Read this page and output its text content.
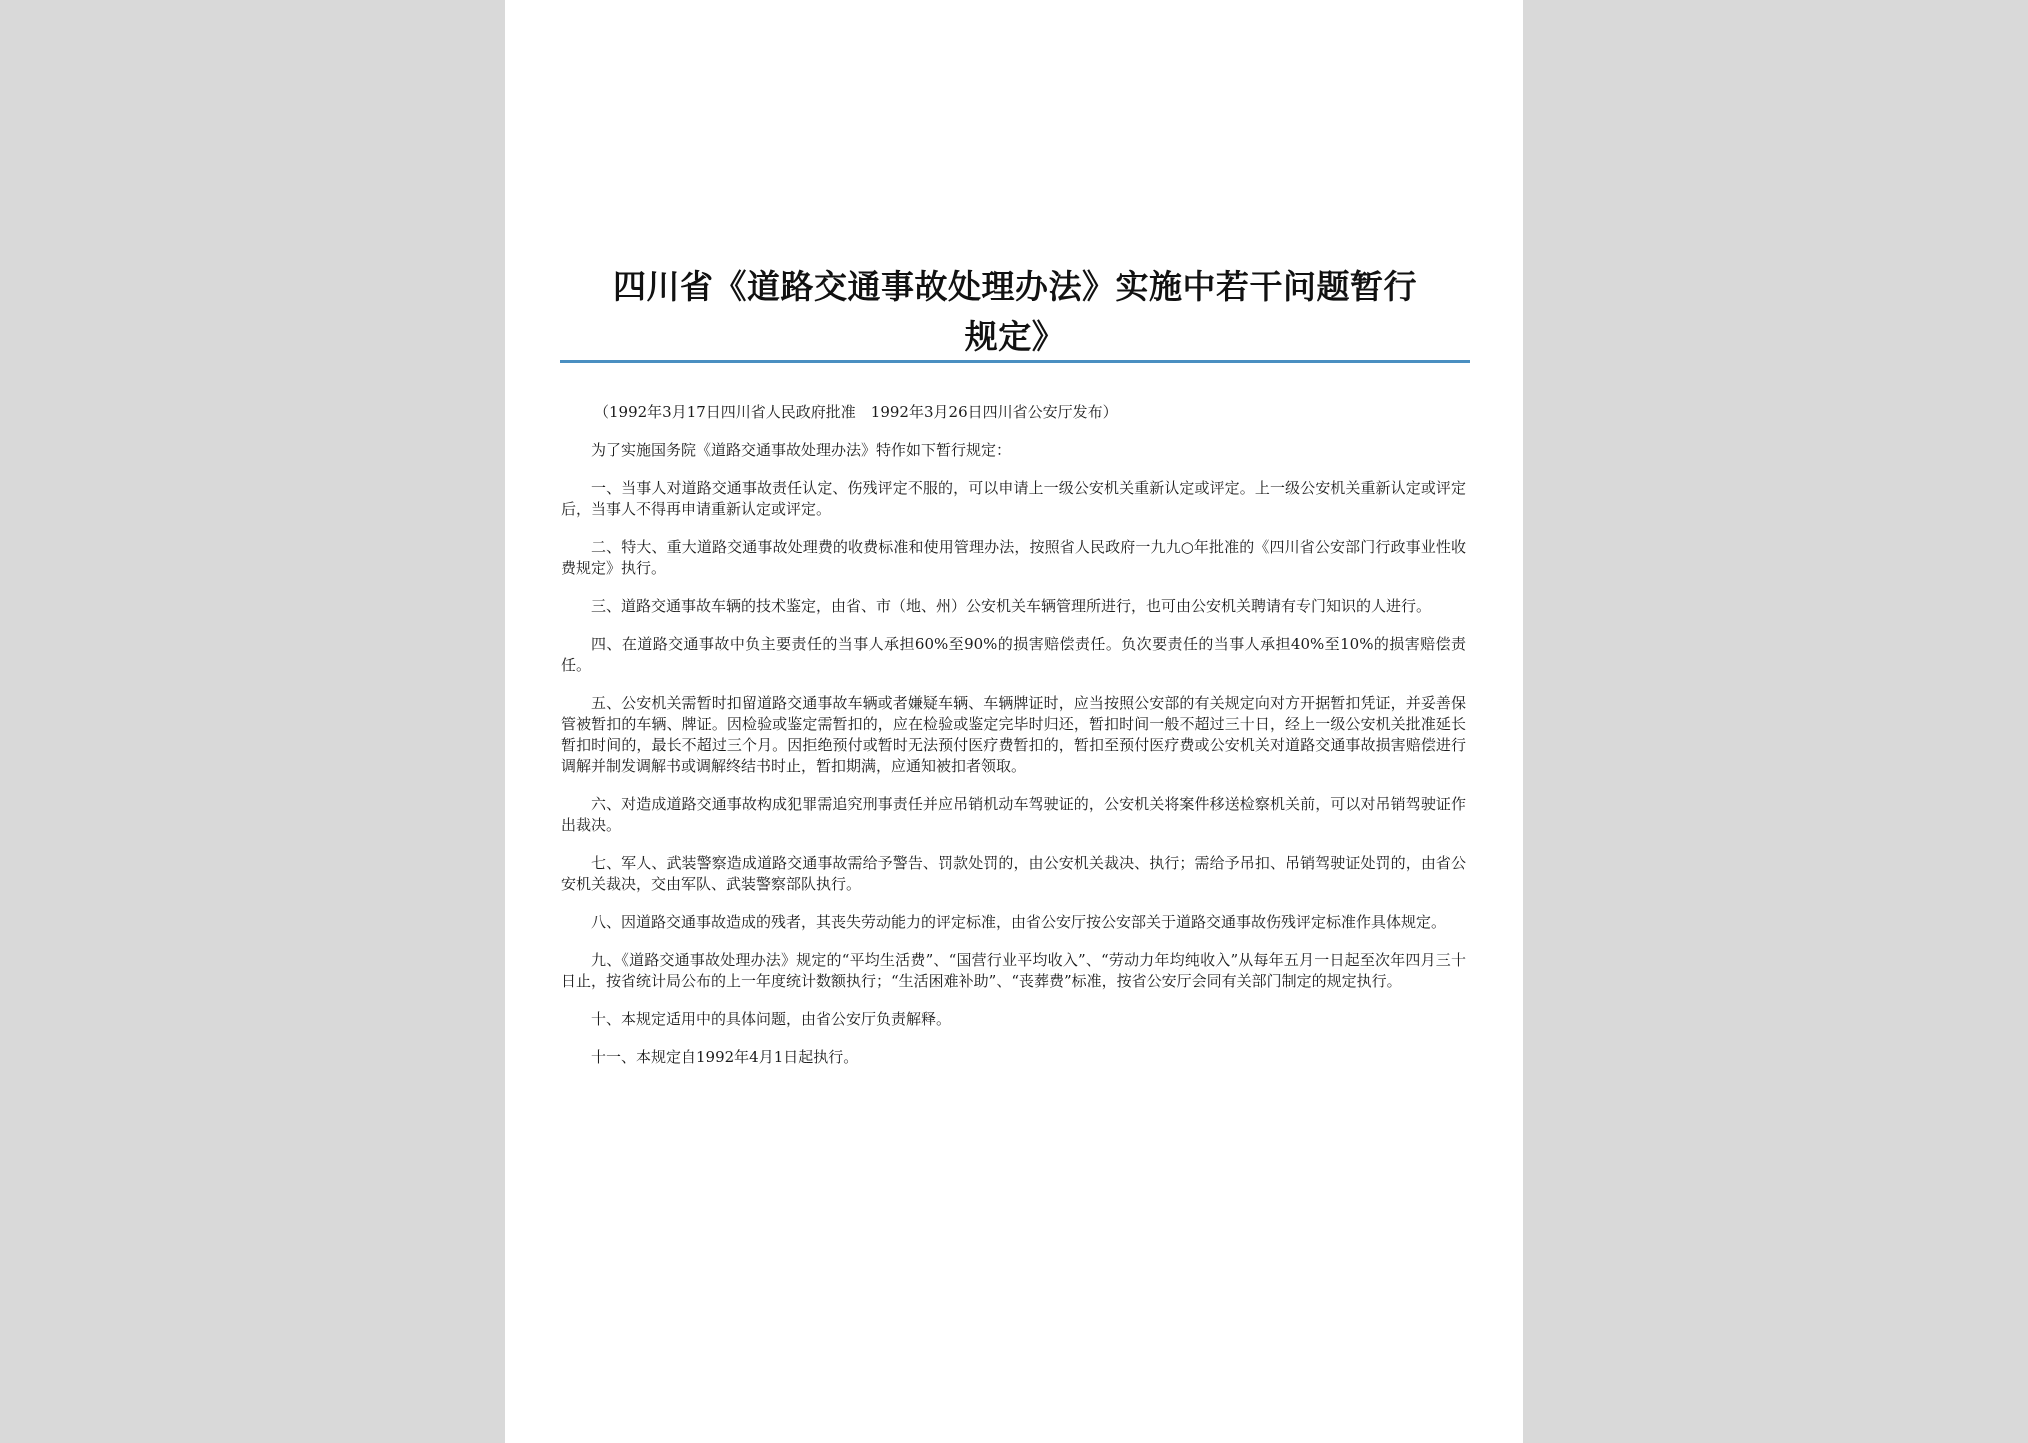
四川省《道路交通事故处理办法》实施中若干问题暂行
规定》

（1992年3月17日四川省人民政府批准　1992年3月26日四川省公安厅发布）

为了实施国务院《道路交通事故处理办法》特作如下暂行规定：

一、当事人对道路交通事故责任认定、伤残评定不服的，可以申请上一级公安机关重新认定或评定。上一级公安机关重新认定或评定后，当事人不得再申请重新认定或评定。

二、特大、重大道路交通事故处理费的收费标准和使用管理办法，按照省人民政府一九九○年批准的《四川省公安部门行政事业性收费规定》执行。

三、道路交通事故车辆的技术鉴定，由省、市（地、州）公安机关车辆管理所进行，也可由公安机关聘请有专门知识的人进行。

四、在道路交通事故中负主要责任的当事人承担60%至90%的损害赔偿责任。负次要责任的当事人承担40%至10%的损害赔偿责任。

五、公安机关需暂时扣留道路交通事故车辆或者嫌疑车辆、车辆牌证时，应当按照公安部的有关规定向对方开据暂扣凭证，并妥善保管被暂扣的车辆、牌证。因检验或鉴定需暂扣的，应在检验或鉴定完毕时归还，暂扣时间一般不超过三十日，经上一级公安机关批准延长暂扣时间的，最长不超过三个月。因拒绝预付或暂时无法预付医疗费暂扣的，暂扣至预付医疗费或公安机关对道路交通事故损害赔偿进行调解并制发调解书或调解终结书时止，暂扣期满，应通知被扣者领取。

六、对造成道路交通事故构成犯罪需追究刑事责任并应吊销机动车驾驶证的，公安机关将案件移送检察机关前，可以对吊销驾驶证作出裁决。

七、军人、武装警察造成道路交通事故需给予警告、罚款处罚的，由公安机关裁决、执行；需给予吊扣、吊销驾驶证处罚的，由省公安机关裁决，交由军队、武装警察部队执行。

八、因道路交通事故造成的残者，其丧失劳动能力的评定标准，由省公安厅按公安部关于道路交通事故伤残评定标准作具体规定。

九、《道路交通事故处理办法》规定的“平均生活费”、“国营行业平均收入”、“劳动力年均纯收入”从每年五月一日起至次年四月三十日止，按省统计局公布的上一年度统计数额执行；“生活困难补助”、“丧葬费”标准，按省公安厅会同有关部门制定的规定执行。

十、本规定适用中的具体问题，由省公安厅负责解释。

十一、本规定自1992年4月1日起执行。
